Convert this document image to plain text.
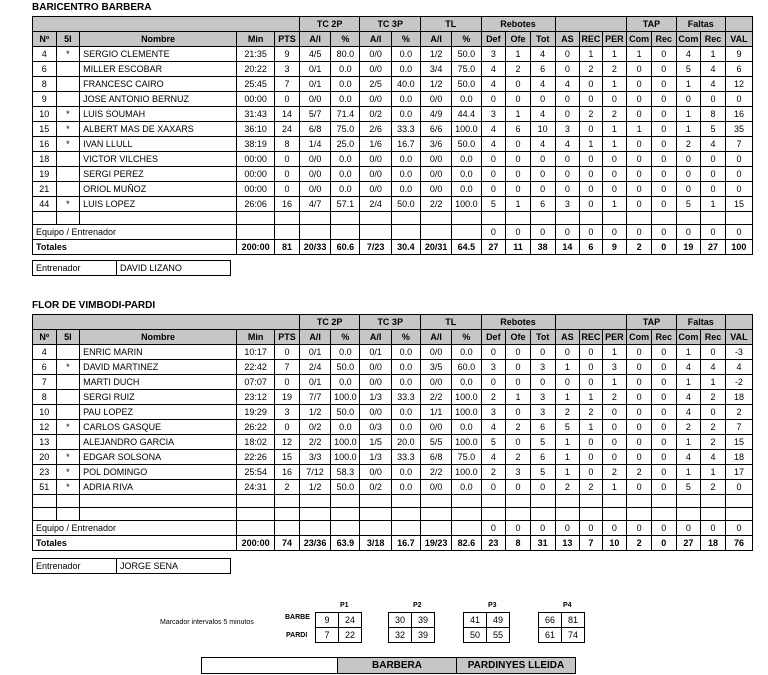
BARICENTRO BARBERA
					TC 2P		TC 3P		TL		Rebotes						TAP		Faltas		
Nº	5I	Nombre	Min	PTS	A/I	%	A/I	%	A/I	%	Def	Ofe	Tot	AS	REC	PER	Com	Rec	Com	Rec	VAL
4	*	SERGIO CLEMENTE	21:35	9	4/5	80.0	0/0	0.0	1/2	50.0	3	1	4	0	1	1	1	0	4	1	9
6		MILLER ESCOBAR	20:22	3	0/1	0.0	0/0	0.0	3/4	75.0	4	2	6	0	2	2	0	0	5	4	6
8		FRANCESC CAIRO	25:45	7	0/1	0.0	2/5	40.0	1/2	50.0	4	0	4	4	0	1	0	0	1	4	12
9		JOSE ANTONIO BERNUZ	00:00	0	0/0	0.0	0/0	0.0	0/0	0.0	0	0	0	0	0	0	0	0	0	0	0
10	*	LUIS SOUMAH	31:43	14	5/7	71.4	0/2	0.0	4/9	44.4	3	1	4	0	2	2	0	0	1	8	16
15	*	ALBERT MAS DE XAXARS	36:10	24	6/8	75.0	2/6	33.3	6/6	100.0	4	6	10	3	0	1	1	0	1	5	35
16	*	IVAN LLULL	38:19	8	1/4	25.0	1/6	16.7	3/6	50.0	4	0	4	4	1	1	0	0	2	4	7
18		VICTOR VILCHES	00:00	0	0/0	0.0	0/0	0.0	0/0	0.0	0	0	0	0	0	0	0	0	0	0	0
19		SERGI PEREZ	00:00	0	0/0	0.0	0/0	0.0	0/0	0.0	0	0	0	0	0	0	0	0	0	0	0
21		ORIOL MUÑOZ	00:00	0	0/0	0.0	0/0	0.0	0/0	0.0	0	0	0	0	0	0	0	0	0	0	0
44	*	LUIS LOPEZ	26:06	16	4/7	57.1	2/4	50.0	2/2	100.0	5	1	6	3	0	1	0	0	5	1	15

Equipo / Entrenador											0	0	0	0	0	0	0	0	0	0	0
Totales			200:00	81	20/33	60.6	7/23	30.4	20/31	64.5	27	11	38	14	6	9	2	0	19	27	100
Entrenador	DAVID LIZANO
FLOR DE VIMBODI-PARDI
					TC 2P		TC 3P		TL		Rebotes						TAP		Faltas		
Nº	5I	Nombre	Min	PTS	A/I	%	A/I	%	A/I	%	Def	Ofe	Tot	AS	REC	PER	Com	Rec	Com	Rec	VAL
4		ENRIC MARIN	10:17	0	0/1	0.0	0/1	0.0	0/0	0.0	0	0	0	0	0	1	0	0	1	0	-3
6	*	DAVID MARTINEZ	22:42	7	2/4	50.0	0/0	0.0	3/5	60.0	3	0	3	1	0	3	0	0	4	4	4
7		MARTI DUCH	07:07	0	0/1	0.0	0/0	0.0	0/0	0.0	0	0	0	0	0	1	0	0	1	1	-2
8		SERGI RUIZ	23:12	19	7/7	100.0	1/3	33.3	2/2	100.0	2	1	3	1	1	2	0	0	4	2	18
10		PAU LOPEZ	19:29	3	1/2	50.0	0/0	0.0	1/1	100.0	3	0	3	2	2	0	0	0	4	0	2
12	*	CARLOS GASQUE	26:22	0	0/2	0.0	0/3	0.0	0/0	0.0	4	2	6	5	1	0	0	0	2	2	7
13		ALEJANDRO GARCIA	18:02	12	2/2	100.0	1/5	20.0	5/5	100.0	5	0	5	1	0	0	0	0	1	2	15
20	*	EDGAR SOLSONA	22:26	15	3/3	100.0	1/3	33.3	6/8	75.0	4	2	6	1	0	0	0	0	4	4	18
23	*	POL DOMINGO	25:54	16	7/12	58.3	0/0	0.0	2/2	100.0	2	3	5	1	0	2	2	0	1	1	17
51	*	ADRIA RIVA	24:31	2	1/2	50.0	0/2	0.0	0/0	0.0	0	0	0	2	2	1	0	0	5	2	0

Equipo / Entrenador											0	0	0	0	0	0	0	0	0	0	0
Totales			200:00	74	23/36	63.9	3/18	16.7	19/23	82.6	23	8	31	13	7	10	2	0	27	18	76
Entrenador	JORGE SENA
Marcador intervalos 5 minutos
BARBE
PARDI
P1
9	24
7	22
P2
30	39
32	39
P3
41	49
50	55
P4
66	81
61	74
	BARBERA	PARDINYES LLEIDA
